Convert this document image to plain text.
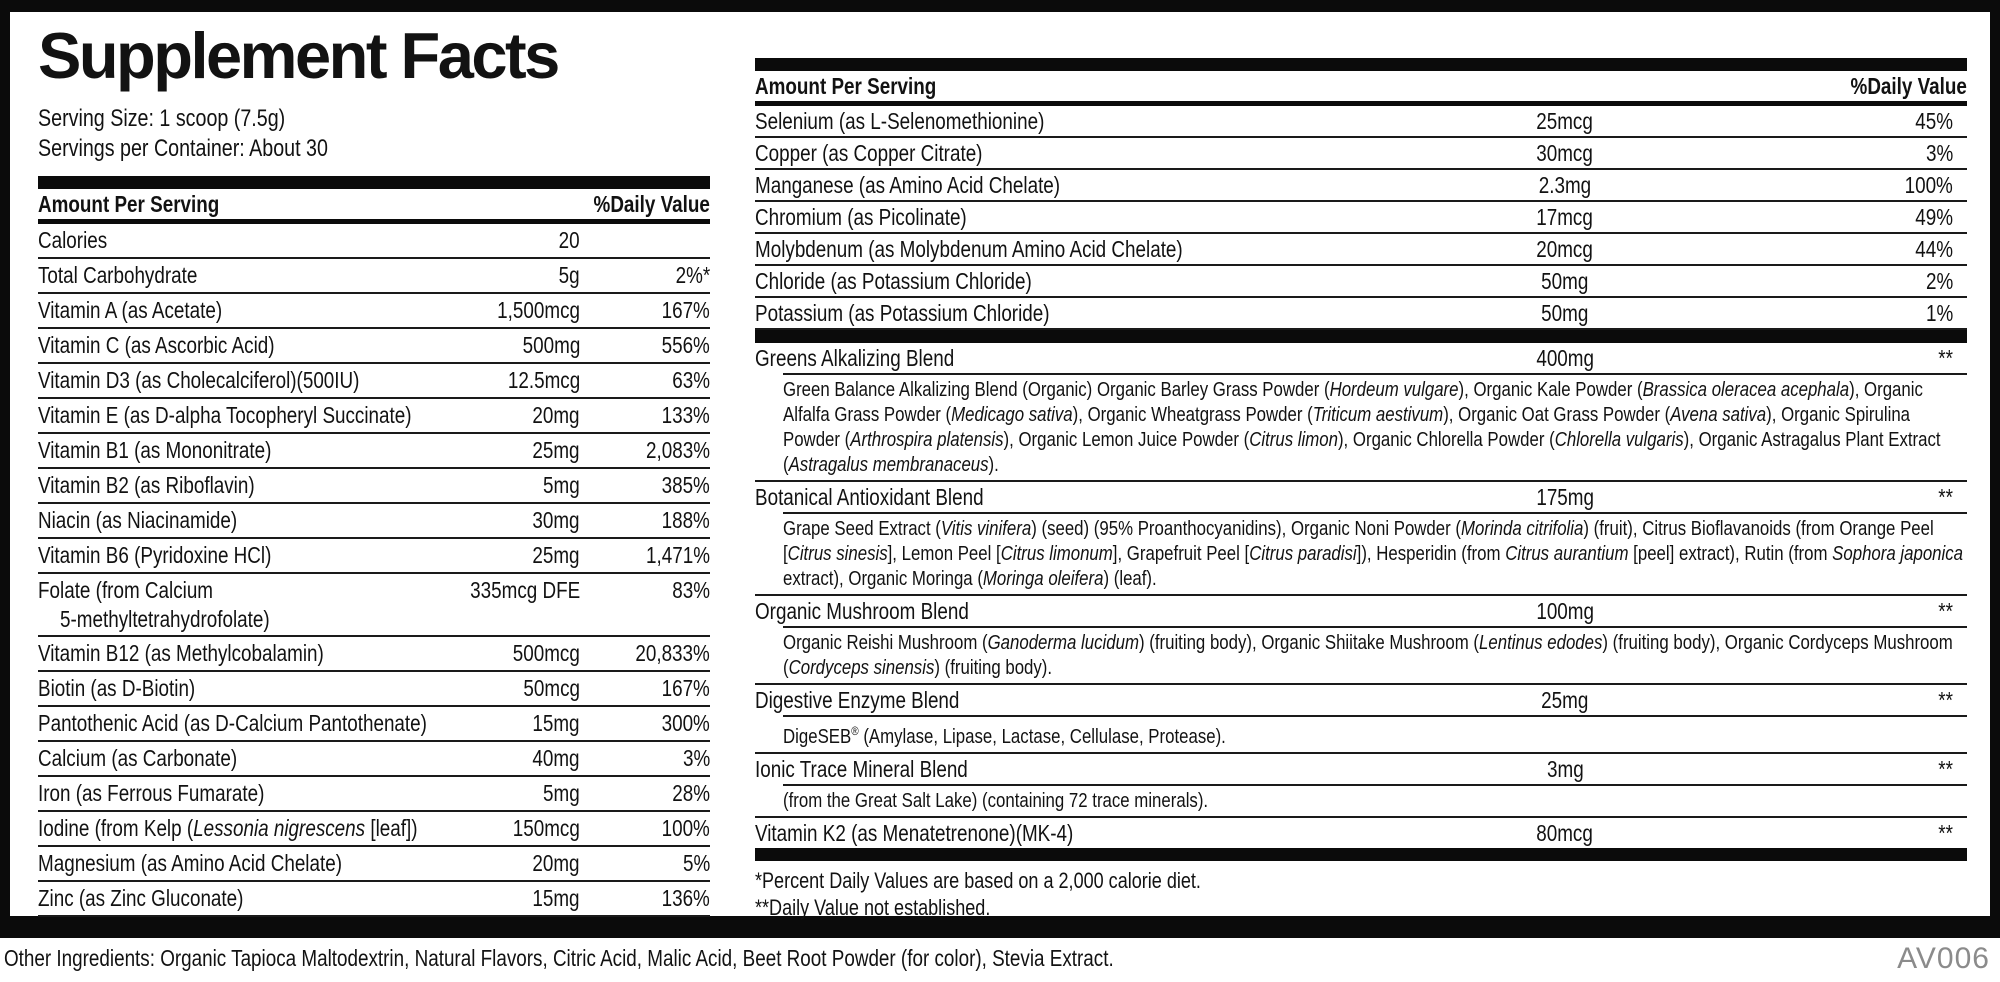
Supplement Facts
Serving Size: 1 scoop (7.5g)
Servings per Container: About 30
Amount Per Serving	%Daily Value
Calories	20
Total Carbohydrate	5g	2%*
Vitamin A (as Acetate)	1,500mcg	167%
Vitamin C (as Ascorbic Acid)	500mg	556%
Vitamin D3 (as Cholecalciferol)(500IU)	12.5mcg	63%
Vitamin E (as D-alpha Tocopheryl Succinate)	20mg	133%
Vitamin B1 (as Mononitrate)	25mg	2,083%
Vitamin B2 (as Riboflavin)	5mg	385%
Niacin (as Niacinamide)	30mg	188%
Vitamin B6 (Pyridoxine HCl)	25mg	1,471%
Folate (from Calcium
5-methyltetrahydrofolate)
335mcg DFE	83%
Vitamin B12 (as Methylcobalamin)	500mcg	20,833%
Biotin (as D-Biotin)	50mcg	167%
Pantothenic Acid (as D-Calcium Pantothenate)	15mg	300%
Calcium (as Carbonate)	40mg	3%
Iron (as Ferrous Fumarate)	5mg	28%
Iodine (from Kelp (Lessonia nigrescens [leaf])	150mcg	100%
Magnesium (as Amino Acid Chelate)	20mg	5%
Zinc (as Zinc Gluconate)	15mg	136%
Amount Per Serving	%Daily Value
Selenium (as L-Selenomethionine)	25mcg	45%
Copper (as Copper Citrate)	30mcg	3%
Manganese (as Amino Acid Chelate)	2.3mg	100%
Chromium (as Picolinate)	17mcg	49%
Molybdenum (as Molybdenum Amino Acid Chelate)	20mcg	44%
Chloride (as Potassium Chloride)	50mg	2%
Potassium (as Potassium Chloride)	50mg	1%
Greens Alkalizing Blend	400mg	**
Green Balance Alkalizing Blend (Organic) Organic Barley Grass Powder (Hordeum vulgare), Organic Kale Powder (Brassica oleracea acephala), Organic Alfalfa Grass Powder (Medicago sativa), Organic Wheatgrass Powder (Triticum aestivum), Organic Oat Grass Powder (Avena sativa), Organic Spirulina Powder (Arthrospira platensis), Organic Lemon Juice Powder (Citrus limon), Organic Chlorella Powder (Chlorella vulgaris), Organic Astragalus Plant Extract (Astragalus membranaceus).
Botanical Antioxidant Blend	175mg	**
Grape Seed Extract (Vitis vinifera) (seed) (95% Proanthocyanidins), Organic Noni Powder (Morinda citrifolia) (fruit), Citrus Bioflavanoids (from Orange Peel [Citrus sinesis], Lemon Peel [Citrus limonum], Grapefruit Peel [Citrus paradisi]), Hesperidin (from Citrus aurantium [peel] extract), Rutin (from Sophora japonica extract), Organic Moringa (Moringa oleifera) (leaf).
Organic Mushroom Blend	100mg	**
Organic Reishi Mushroom (Ganoderma lucidum) (fruiting body), Organic Shiitake Mushroom (Lentinus edodes) (fruiting body), Organic Cordyceps Mushroom (Cordyceps sinensis) (fruiting body).
Digestive Enzyme Blend	25mg	**
DigeSEB® (Amylase, Lipase, Lactase, Cellulase, Protease).
Ionic Trace Mineral Blend	3mg	**
(from the Great Salt Lake) (containing 72 trace minerals).
Vitamin K2 (as Menatetrenone)(MK-4)	80mcg	**
*Percent Daily Values are based on a 2,000 calorie diet.
**Daily Value not established.
Other Ingredients: Organic Tapioca Maltodextrin, Natural Flavors, Citric Acid, Malic Acid, Beet Root Powder (for color), Stevia Extract.	AV006
